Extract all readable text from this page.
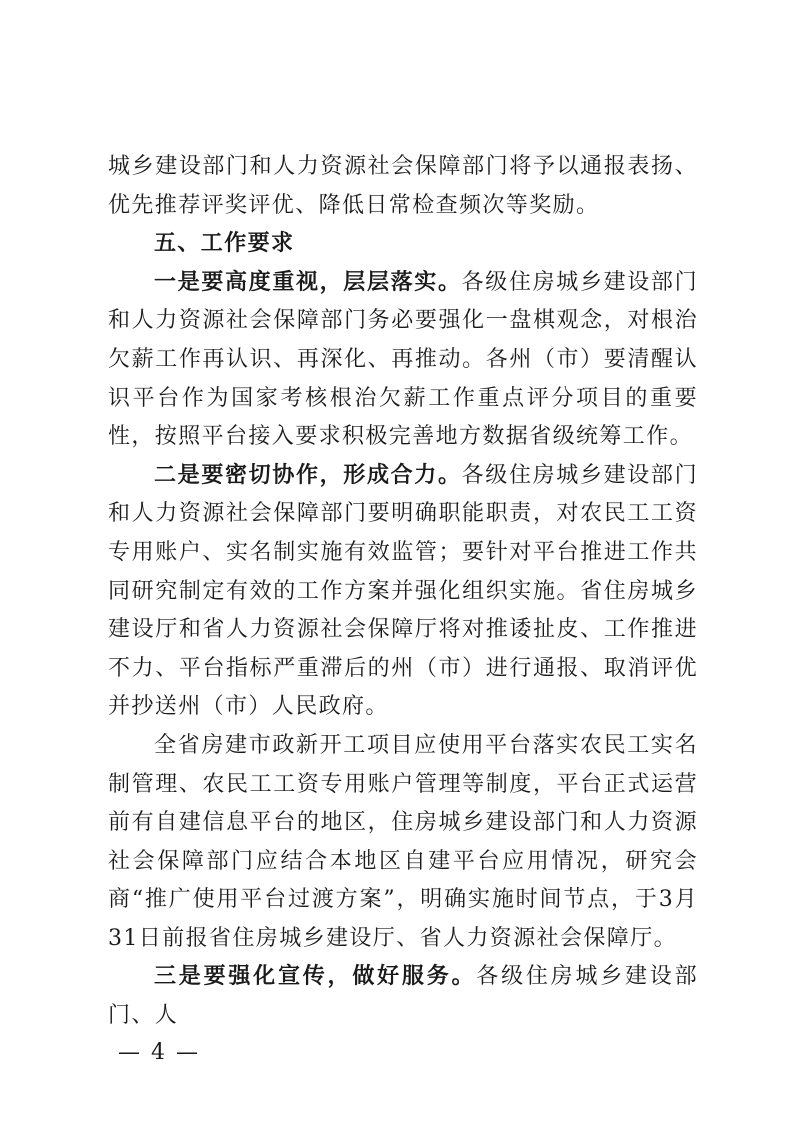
城乡建设部门和人力资源社会保障部门将予以通报表扬、优先推荐评奖评优、降低日常检查频次等奖励。

五、工作要求

一是要高度重视，层层落实。各级住房城乡建设部门和人力资源社会保障部门务必要强化一盘棋观念，对根治欠薪工作再认识、再深化、再推动。各州（市）要清醒认识平台作为国家考核根治欠薪工作重点评分项目的重要性，按照平台接入要求积极完善地方数据省级统筹工作。

二是要密切协作，形成合力。各级住房城乡建设部门和人力资源社会保障部门要明确职能职责，对农民工工资专用账户、实名制实施有效监管；要针对平台推进工作共同研究制定有效的工作方案并强化组织实施。省住房城乡建设厅和省人力资源社会保障厅将对推诿扯皮、工作推进不力、平台指标严重滞后的州（市）进行通报、取消评优并抄送州（市）人民政府。

全省房建市政新开工项目应使用平台落实农民工实名制管理、农民工工资专用账户管理等制度，平台正式运营前有自建信息平台的地区，住房城乡建设部门和人力资源社会保障部门应结合本地区自建平台应用情况，研究会商“推广使用平台过渡方案”，明确实施时间节点，于3月31日前报省住房城乡建设厅、省人力资源社会保障厅。

三是要强化宣传，做好服务。各级住房城乡建设部门、人

— 4 —
